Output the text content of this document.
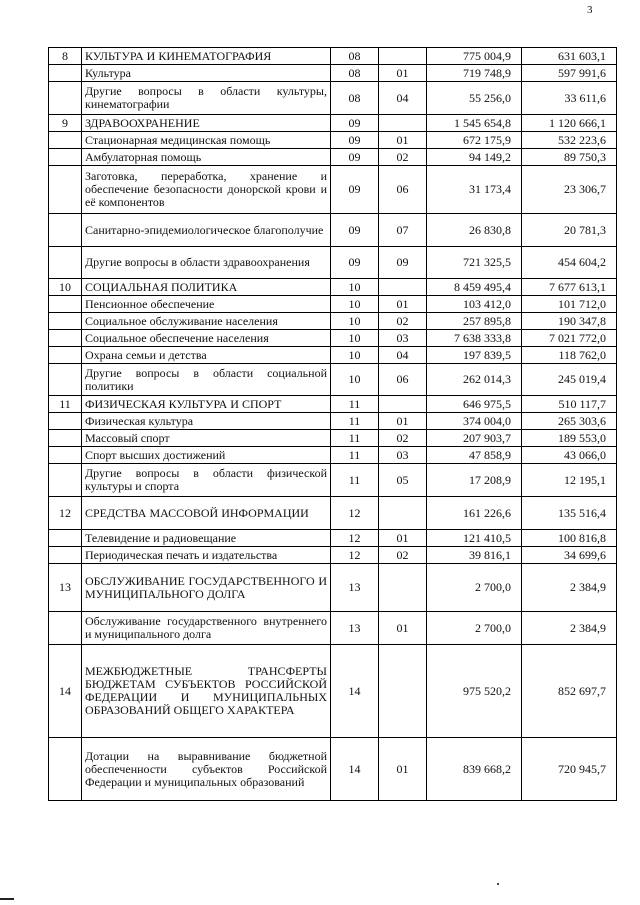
3
8	КУЛЬТУРА И КИНЕМАТОГРАФИЯ	08		775 004,9	631 603,1
	Культура	08	01	719 748,9	597 991,6
	Другие вопросы в области культуры, кинематографии	08	04	55 256,0	33 611,6
9	ЗДРАВООХРАНЕНИЕ	09		1 545 654,8	1 120 666,1
	Стационарная медицинская помощь	09	01	672 175,9	532 223,6
	Амбулаторная помощь	09	02	94 149,2	89 750,3
	Заготовка, переработка, хранение и обеспечение безопасности донорской крови и её компонентов	09	06	31 173,4	23 306,7
	Санитарно-эпидемиологическое благополучие	09	07	26 830,8	20 781,3
	Другие вопросы в области здравоохранения	09	09	721 325,5	454 604,2
10	СОЦИАЛЬНАЯ ПОЛИТИКА	10		8 459 495,4	7 677 613,1
	Пенсионное обеспечение	10	01	103 412,0	101 712,0
	Социальное обслуживание населения	10	02	257 895,8	190 347,8
	Социальное обеспечение населения	10	03	7 638 333,8	7 021 772,0
	Охрана семьи и детства	10	04	197 839,5	118 762,0
	Другие вопросы в области социальной политики	10	06	262 014,3	245 019,4
11	ФИЗИЧЕСКАЯ КУЛЬТУРА И СПОРТ	11		646 975,5	510 117,7
	Физическая культура	11	01	374 004,0	265 303,6
	Массовый спорт	11	02	207 903,7	189 553,0
	Спорт высших достижений	11	03	47 858,9	43 066,0
	Другие вопросы в области физической культуры и спорта	11	05	17 208,9	12 195,1
12	СРЕДСТВА МАССОВОЙ ИНФОРМАЦИИ	12		161 226,6	135 516,4
	Телевидение и радиовещание	12	01	121 410,5	100 816,8
	Периодическая печать и издательства	12	02	39 816,1	34 699,6
13	ОБСЛУЖИВАНИЕ ГОСУДАРСТВЕННОГО И МУНИЦИПАЛЬНОГО ДОЛГА	13		2 700,0	2 384,9
	Обслуживание государственного внутреннего и муниципального долга	13	01	2 700,0	2 384,9
14	МЕЖБЮДЖЕТНЫЕ ТРАНСФЕРТЫ БЮДЖЕТАМ СУБЪЕКТОВ РОССИЙСКОЙ ФЕДЕРАЦИИ И МУНИЦИПАЛЬНЫХ ОБРАЗОВАНИЙ ОБЩЕГО ХАРАКТЕРА	14		975 520,2	852 697,7
	Дотации на выравнивание бюджетной обеспеченности субъектов Российской Федерации и муниципальных образований	14	01	839 668,2	720 945,7
